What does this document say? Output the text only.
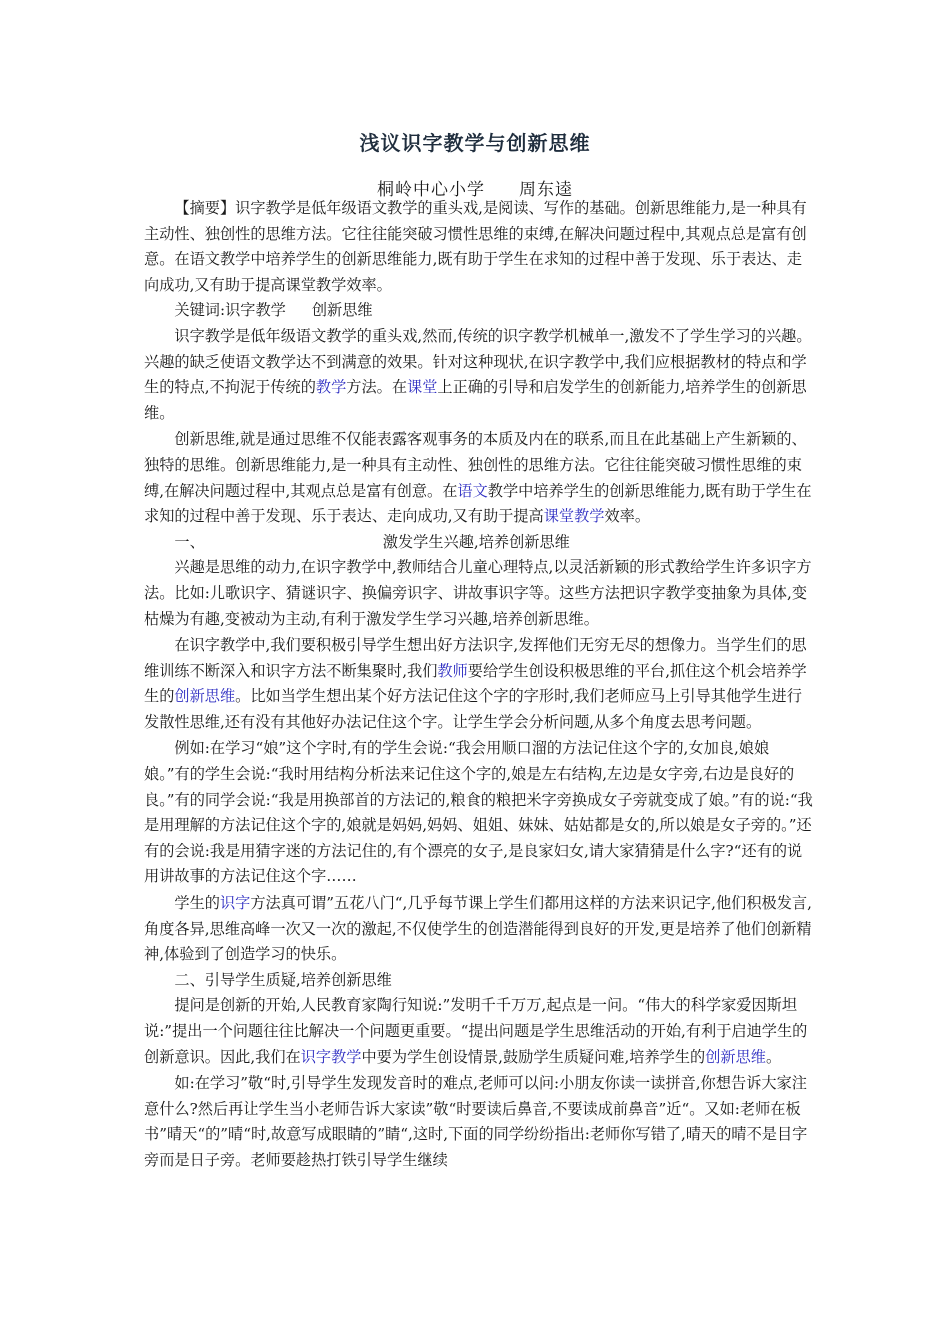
浅议识字教学与创新思维
桐岭中心小学 周东逵

【摘要】识字教学是低年级语文教学的重头戏,是阅读、写作的基础。创新思维能力,是一种具有主动性、独创性的思维方法。它往往能突破习惯性思维的束缚,在解决问题过程中,其观点总是富有创意。在语文教学中培养学生的创新思维能力,既有助于学生在求知的过程中善于发现、乐于表达、走向成功,又有助于提高课堂教学效率。

关键词:识字教学 创新思维

识字教学是低年级语文教学的重头戏,然而,传统的识字教学机械单一,激发不了学生学习的兴趣。兴趣的缺乏使语文教学达不到满意的效果。针对这种现状,在识字教学中,我们应根据教材的特点和学生的特点,不拘泥于传统的教学方法。在课堂上正确的引导和启发学生的创新能力,培养学生的创新思维。

创新思维,就是通过思维不仅能表露客观事务的本质及内在的联系,而且在此基础上产生新颖的、独特的思维。创新思维能力,是一种具有主动性、独创性的思维方法。它往往能突破习惯性思维的束缚,在解决问题过程中,其观点总是富有创意。在语文教学中培养学生的创新思维能力,既有助于学生在求知的过程中善于发现、乐于表达、走向成功,又有助于提高课堂教学效率。

一、	激发学生兴趣,培养创新思维

兴趣是思维的动力,在识字教学中,教师结合儿童心理特点,以灵活新颖的形式教给学生许多识字方法。比如:儿歌识字、猜谜识字、换偏旁识字、讲故事识字等。这些方法把识字教学变抽象为具体,变枯燥为有趣,变被动为主动,有利于激发学生学习兴趣,培养创新思维。

在识字教学中,我们要积极引导学生想出好方法识字,发挥他们无穷无尽的想像力。当学生们的思维训练不断深入和识字方法不断集聚时,我们教师要给学生创设积极思维的平台,抓住这个机会培养学生的创新思维。比如当学生想出某个好方法记住这个字的字形时,我们老师应马上引导其他学生进行发散性思维,还有没有其他好办法记住这个字。让学生学会分析问题,从多个角度去思考问题。

例如:在学习“娘”这个字时,有的学生会说:“我会用顺口溜的方法记住这个字的,女加良,娘娘娘。”有的学生会说:“我时用结构分析法来记住这个字的,娘是左右结构,左边是女字旁,右边是良好的良。”有的同学会说:“我是用换部首的方法记的,粮食的粮把米字旁换成女子旁就变成了娘。”有的说:“我是用理解的方法记住这个字的,娘就是妈妈,妈妈、姐姐、妹妹、姑姑都是女的,所以娘是女子旁的。”还有的会说:我是用猜字迷的方法记住的,有个漂亮的女子,是良家妇女,请大家猜猜是什么字?“还有的说用讲故事的方法记住这个字……

学生的识字方法真可谓”五花八门“,几乎每节课上学生们都用这样的方法来识记字,他们积极发言,角度各异,思维高峰一次又一次的激起,不仅使学生的创造潜能得到良好的开发,更是培养了他们创新精神,体验到了创造学习的快乐。

二、引导学生质疑,培养创新思维

提问是创新的开始,人民教育家陶行知说:”发明千千万万,起点是一问。“伟大的科学家爱因斯坦说:”提出一个问题往往比解决一个问题更重要。“提出问题是学生思维活动的开始,有利于启迪学生的创新意识。因此,我们在识字教学中要为学生创设情景,鼓励学生质疑问难,培养学生的创新思维。

如:在学习”敬“时,引导学生发现发音时的难点,老师可以问:小朋友你读一读拼音,你想告诉大家注意什么?然后再让学生当小老师告诉大家读”敬“时要读后鼻音,不要读成前鼻音”近“。又如:老师在板书”晴天“的”晴“时,故意写成眼睛的”睛“,这时,下面的同学纷纷指出:老师你写错了,晴天的晴不是目字旁而是日子旁。老师要趁热打铁引导学生继续
